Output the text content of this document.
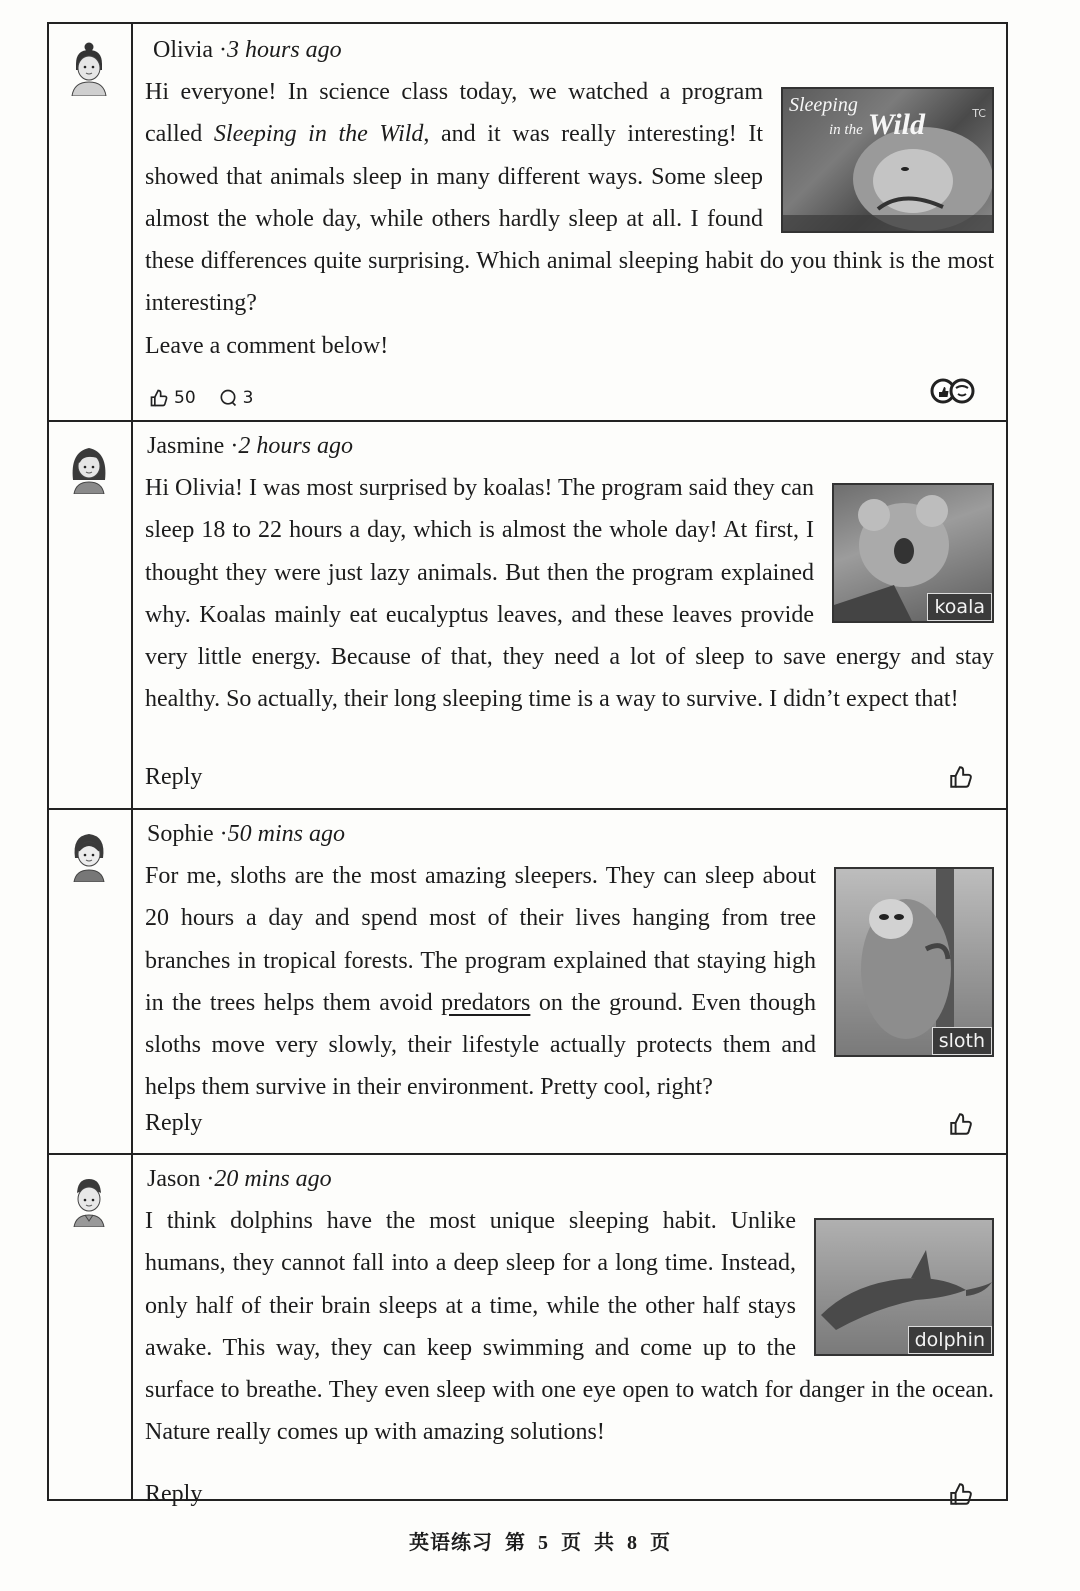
Olivia ·3 hours ago
Sleeping
in the Wild	TC

Hi everyone! In science class today, we watched a program called Sleeping in the Wild, and it was really interesting! It showed that animals sleep in many different ways. Some sleep almost the whole day, while others hardly sleep at all. I found these differences quite surprising. Which animal sleeping habit do you think is the most interesting?

Leave a comment below!

50	3
Jasmine ·2 hours ago
koala

Hi Olivia! I was most surprised by koalas! The program said they can sleep 18 to 22 hours a day, which is almost the whole day! At first, I thought they were just lazy animals. But then the program explained why. Koalas mainly eat eucalyptus leaves, and these leaves provide very little energy. Because of that, they need a lot of sleep to save energy and stay healthy. So actually, their long sleeping time is a way to survive. I didn’t expect that!

Reply
Sophie ·50 mins ago
sloth

For me, sloths are the most amazing sleepers. They can sleep about 20 hours a day and spend most of their lives hanging from tree branches in tropical forests. The program explained that staying high in the trees helps them avoid predators on the ground. Even though sloths move very slowly, their lifestyle actually protects them and helps them survive in their environment. Pretty cool, right?

Reply
Jason ·20 mins ago
dolphin

I think dolphins have the most unique sleeping habit. Unlike humans, they cannot fall into a deep sleep for a long time. Instead, only half of their brain sleeps at a time, while the other half stays awake. This way, they can keep swimming and come up to the surface to breathe. They even sleep with one eye open to watch for danger in the ocean. Nature really comes up with amazing solutions!

Reply
英语练习 第 5 页 共 8 页
